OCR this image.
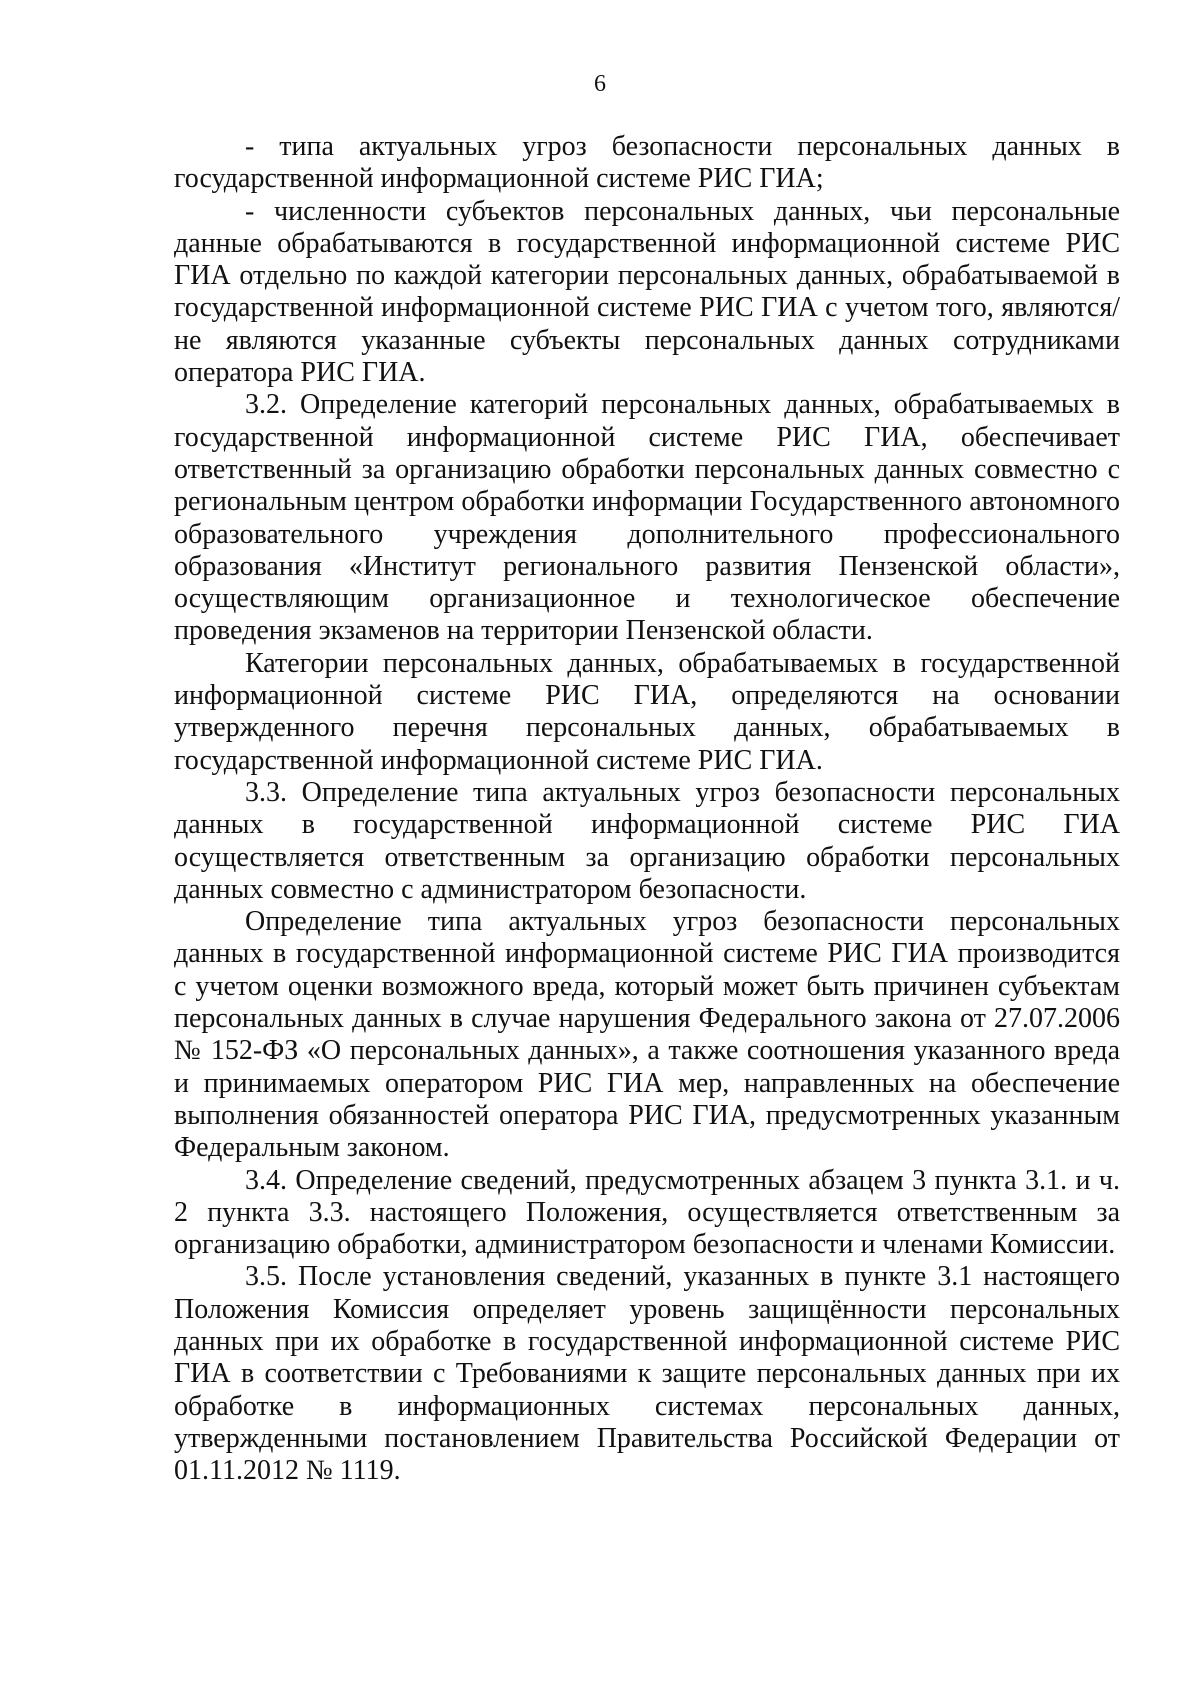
6

- типа актуальных угроз безопасности персональных данных в государственной информационной системе РИС ГИА;

- численности субъектов персональных данных, чьи персональные данные обрабатываются в государственной информационной системе РИС ГИА отдельно по каждой категории персональных данных, обрабатываемой в государственной информационной системе РИС ГИА с учетом того, являются/не являются указанные субъекты персональных данных сотрудниками оператора РИС ГИА.

3.2. Определение категорий персональных данных, обрабатываемых в государственной информационной системе РИС ГИА, обеспечивает ответственный за организацию обработки персональных данных совместно с региональным центром обработки информации Государственного автономного образовательного учреждения дополнительного профессионального образования «Институт регионального развития Пензенской области», осуществляющим организационное и технологическое обеспечение проведения экзаменов на территории Пензенской области.

Категории персональных данных, обрабатываемых в государственной информационной системе РИС ГИА, определяются на основании утвержденного перечня персональных данных, обрабатываемых в государственной информационной системе РИС ГИА.

3.3. Определение типа актуальных угроз безопасности персональных данных в государственной информационной системе РИС ГИА осуществляется ответственным за организацию обработки персональных данных совместно с администратором безопасности.

Определение типа актуальных угроз безопасности персональных данных в государственной информационной системе РИС ГИА производится с учетом оценки возможного вреда, который может быть причинен субъектам персональных данных в случае нарушения Федерального закона от 27.07.2006 № 152-ФЗ «О персональных данных», а также соотношения указанного вреда и принимаемых оператором РИС ГИА мер, направленных на обеспечение выполнения обязанностей оператора РИС ГИА, предусмотренных указанным Федеральным законом.

3.4. Определение сведений, предусмотренных абзацем 3 пункта 3.1. и ч. 2 пункта 3.3. настоящего Положения, осуществляется ответственным за организацию обработки, администратором безопасности и членами Комиссии.

3.5. После установления сведений, указанных в пункте 3.1 настоящего Положения Комиссия определяет уровень защищённости персональных данных при их обработке в государственной информационной системе РИС ГИА в соответствии с Требованиями к защите персональных данных при их обработке в информационных системах персональных данных, утвержденными постановлением Правительства Российской Федерации от 01.11.2012 № 1119.
